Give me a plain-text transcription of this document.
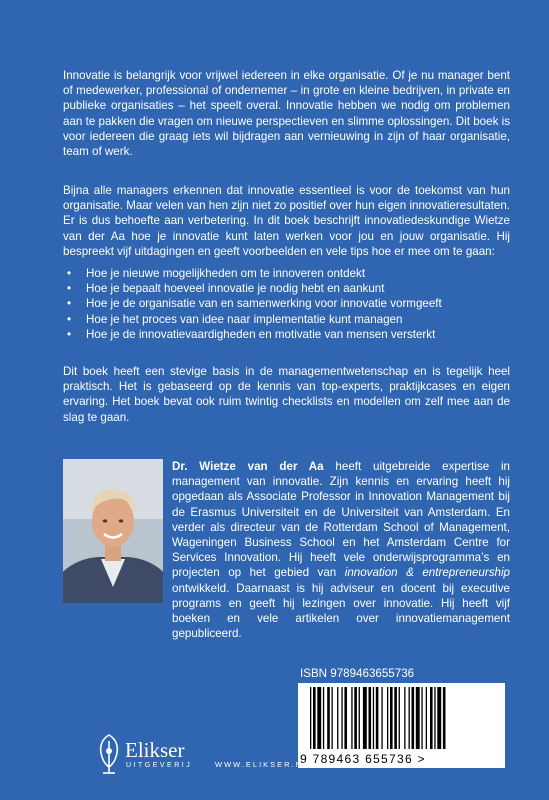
Innovatie is belangrijk voor vrijwel iedereen in elke organisatie. Of je nu manager bent of medewerker, professional of ondernemer – in grote en kleine bedrijven, in private en publieke organisaties – het speelt overal. Innovatie hebben we nodig om problemen aan te pakken die vragen om nieuwe perspectieven en slimme oplossingen. Dit boek is voor iedereen die graag iets wil bijdragen aan vernieuwing in zijn of haar organisatie, team of werk.

Bijna alle managers erkennen dat innovatie essentieel is voor de toekomst van hun organisatie. Maar velen van hen zijn niet zo positief over hun eigen innovatieresultaten. Er is dus behoefte aan verbetering. In dit boek beschrijft innovatiedeskundige Wietze van der Aa hoe je innovatie kunt laten werken voor jou en jouw organisatie. Hij bespreekt vijf uitdagingen en geeft voorbeelden en vele tips hoe er mee om te gaan:

• Hoe je nieuwe mogelijkheden om te innoveren ontdekt
• Hoe je bepaalt hoeveel innovatie je nodig hebt en aankunt
• Hoe je de organisatie van en samenwerking voor innovatie vormgeeft
• Hoe je het proces van idee naar implementatie kunt managen
• Hoe je de innovatievaardigheden en motivatie van mensen versterkt

Dit boek heeft een stevige basis in de managementwetenschap en is tegelijk heel praktisch. Het is gebaseerd op de kennis van top-experts, praktijkcases en eigen ervaring. Het boek bevat ook ruim twintig checklists en modellen om zelf mee aan de slag te gaan.

Dr. Wietze van der Aa heeft uitgebreide expertise in management van innovatie. Zijn kennis en ervaring heeft hij opgedaan als Associate Professor in Innovation Management bij de Erasmus Universiteit en de Universiteit van Amsterdam. En verder als directeur van de Rotterdam School of Management, Wageningen Business School en het Amsterdam Centre for Services Innovation. Hij heeft vele onderwijsprogramma’s en projecten op het gebied van innovation & entrepreneurship ontwikkeld. Daarnaast is hij adviseur en docent bij executive programs en geeft hij lezingen over innovatie. Hij heeft vijf boeken en vele artikelen over innovatiemanagement gepubliceerd.
ISBN 9789463655736
9 789463 655736 >
Elikser
UITGEVERIJ	WWW.ELIKSER.NL
